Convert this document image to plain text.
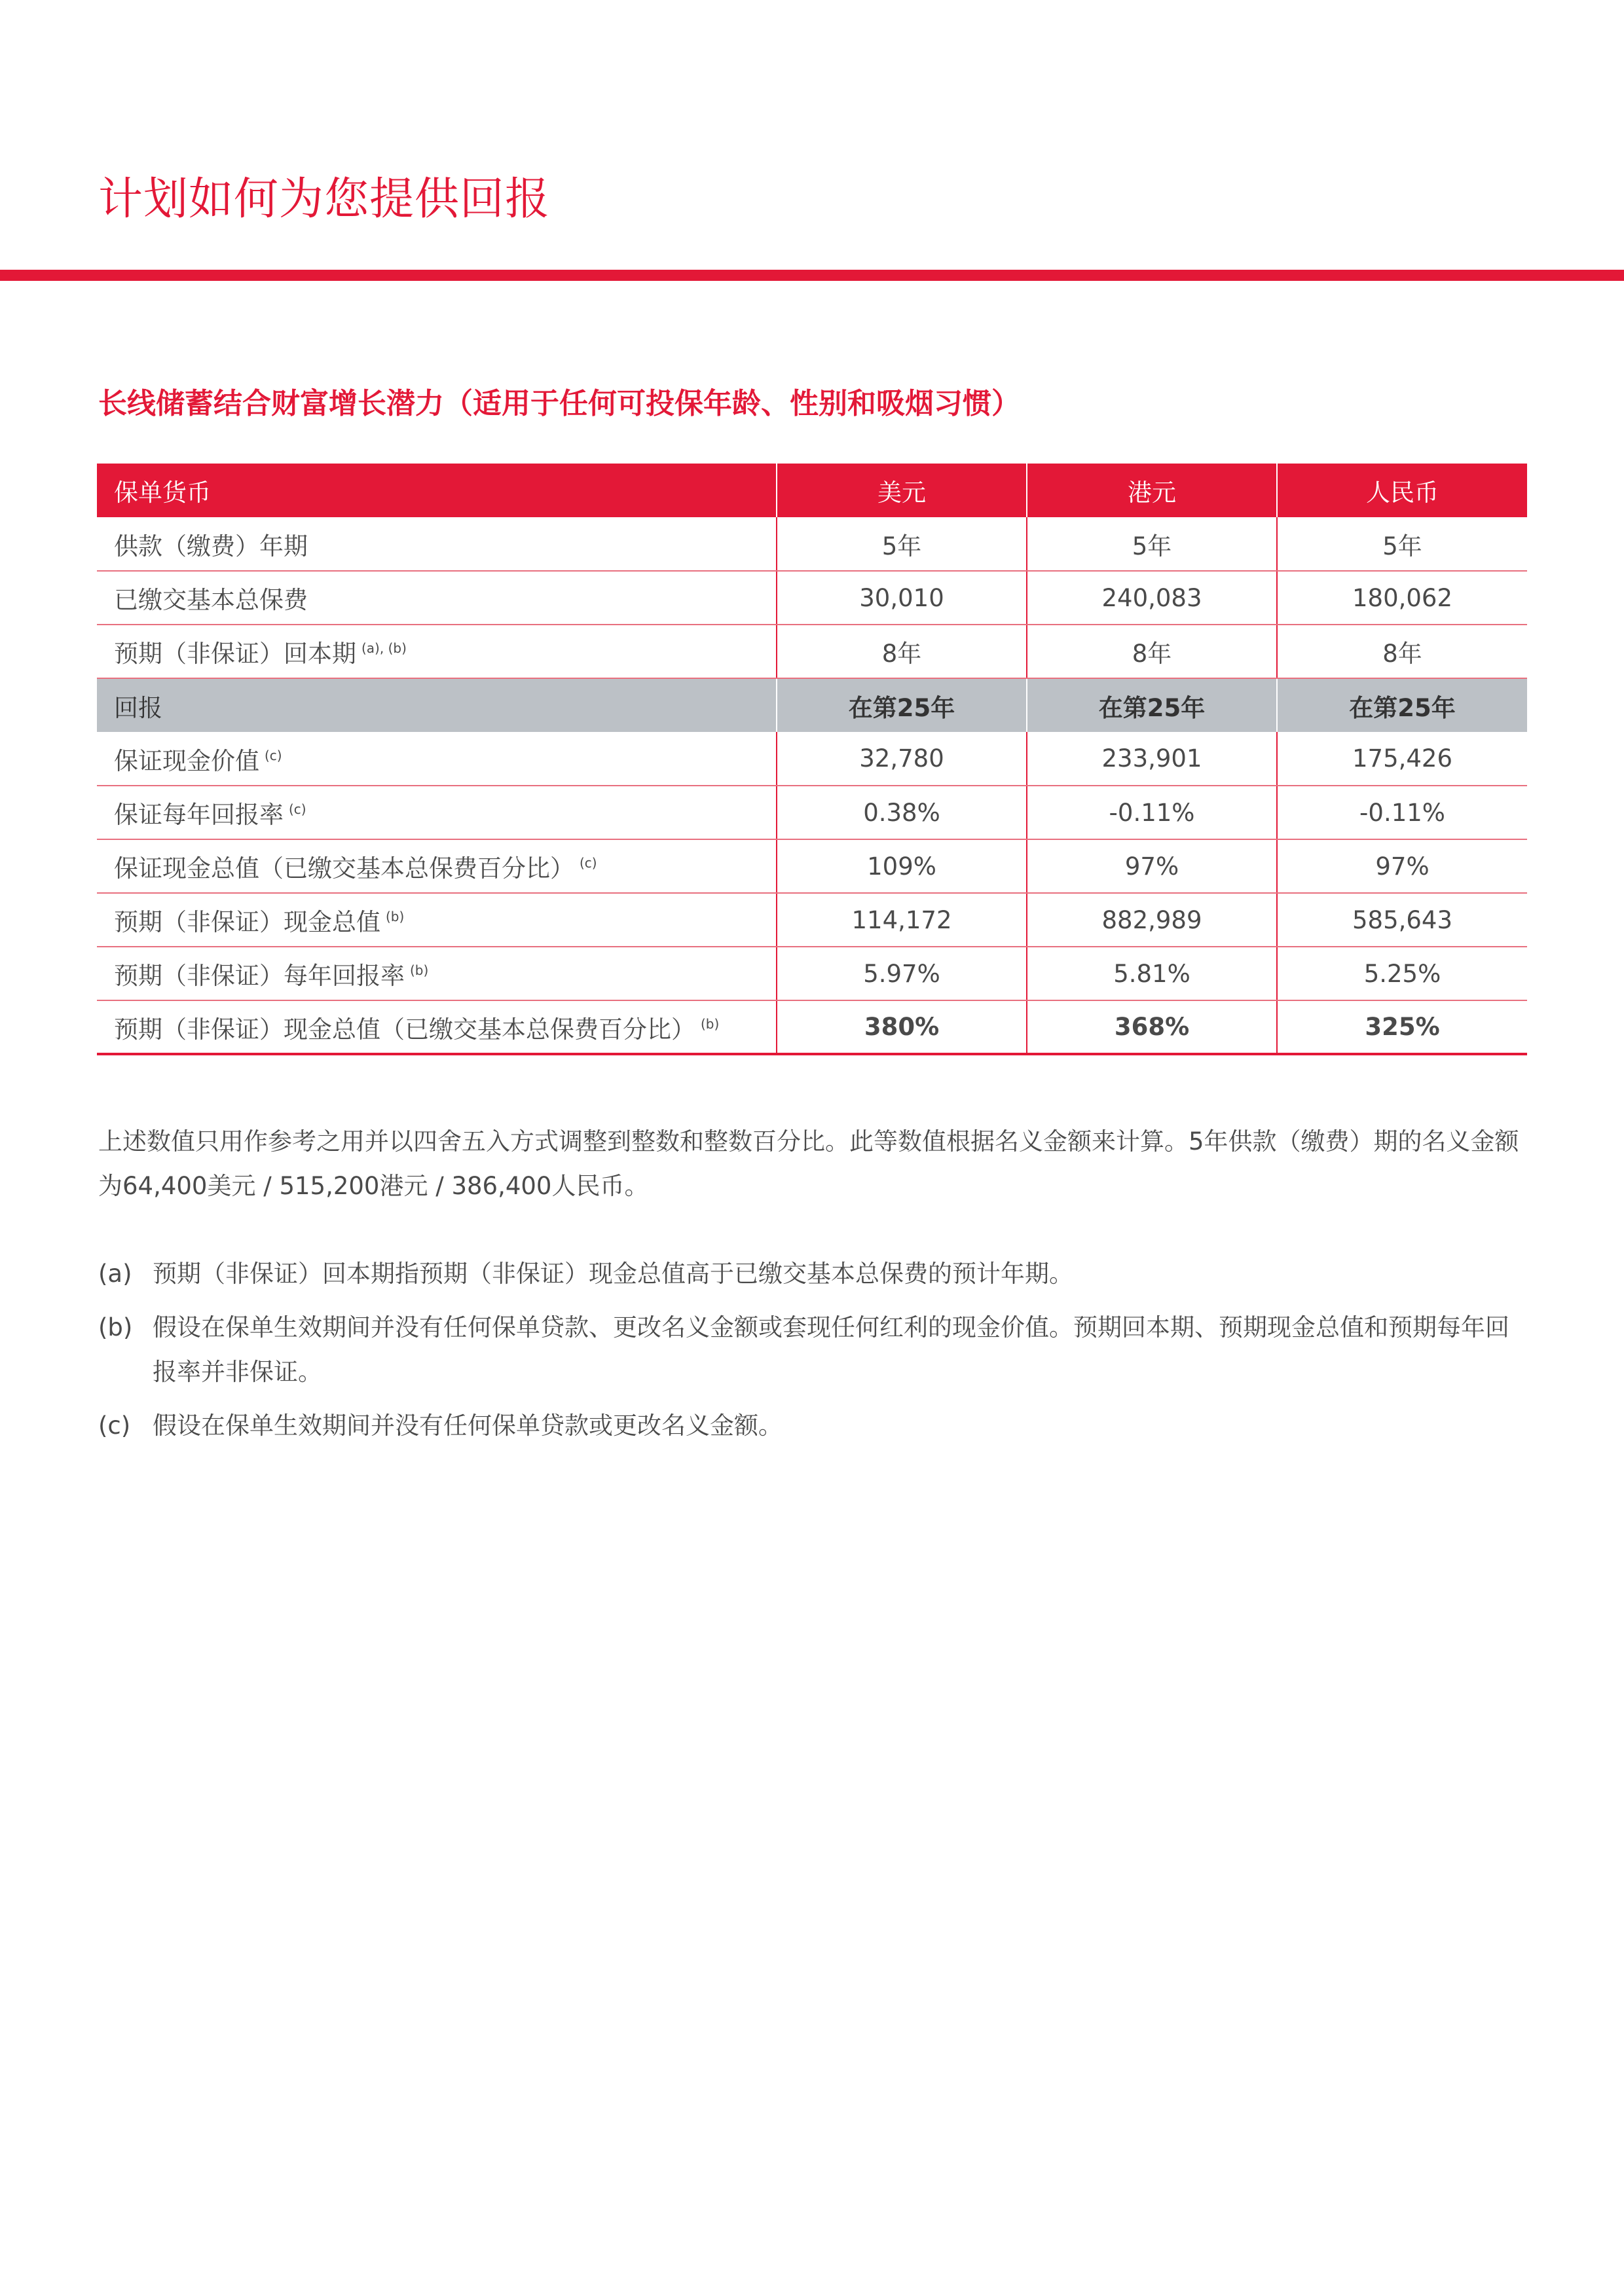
计划如何为您提供回报
长线储蓄结合财富增长潜力（适用于任何可投保年龄、性别和吸烟习惯）
保单货币	美元	港元	人民币
供款（缴费）年期	5年	5年	5年
已缴交基本总保费	30,010	240,083	180,062
预期（非保证）回本期 $^{(a), (b)}$	8年	8年	8年
回报	在第25年	在第25年	在第25年
保证现金价值 $^{(c)}$	32,780	233,901	175,426
保证每年回报率 $^{(c)}$	0.38%	-0.11%	-0.11%
保证现金总值（已缴交基本总保费百分比） $^{(c)}$	109%	97%	97%
预期（非保证）现金总值 $^{(b)}$	114,172	882,989	585,643
预期（非保证）每年回报率 $^{(b)}$	5.97%	5.81%	5.25%
预期（非保证）现金总值（已缴交基本总保费百分比） $^{(b)}$	380%	368%	325%

上述数值只用作参考之用并以四舍五入方式调整到整数和整数百分比。此等数值根据名义金额来计算。5年供款（缴费）期的名义金额为64,400美元 / 515,200港元 / 386,400人民币。

(a) 预期（非保证）回本期指预期（非保证）现金总值高于已缴交基本总保费的预计年期。
(b) 假设在保单生效期间并没有任何保单贷款、更改名义金额或套现任何红利的现金价值。预期回本期、预期现金总值和预期每年回报率并非保证。
(c) 假设在保单生效期间并没有任何保单贷款或更改名义金额。
